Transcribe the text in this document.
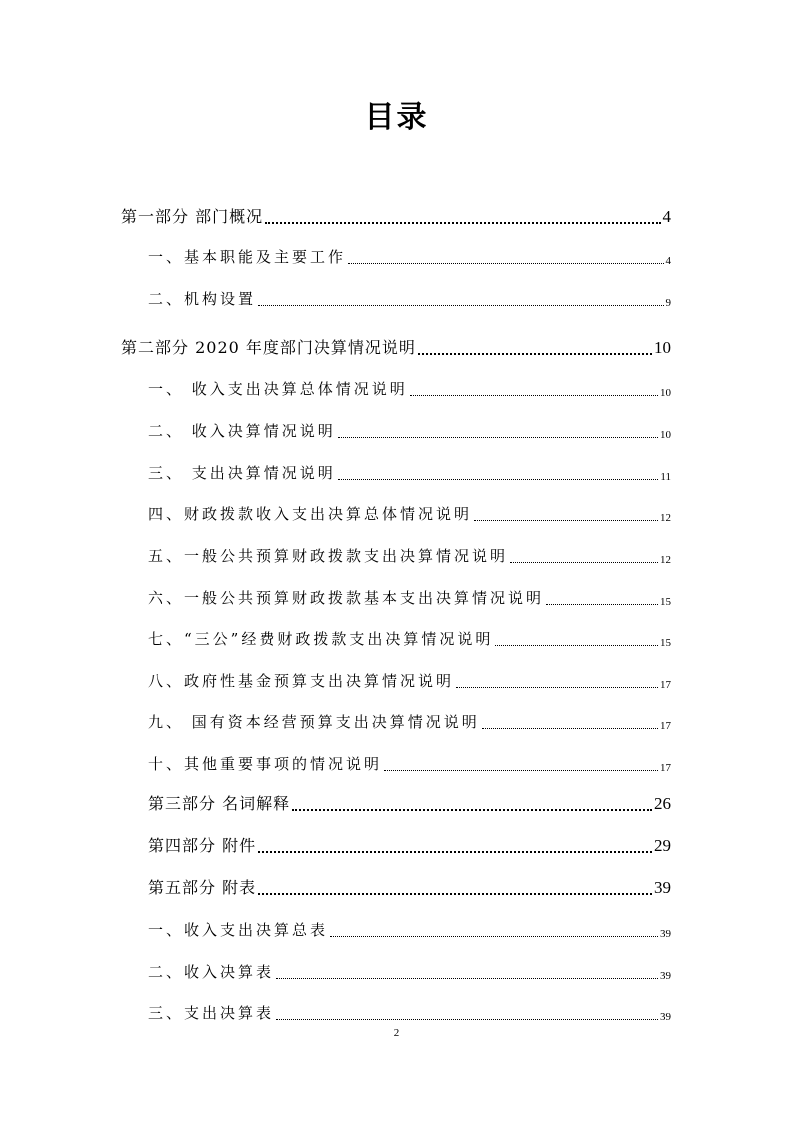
目录
第一部分 部门概况	4
一、基本职能及主要工作	4
二、机构设置	9
第二部分 2020 年度部门决算情况说明	10
一、 收入支出决算总体情况说明	10
二、 收入决算情况说明	10
三、 支出决算情况说明	11
四、财政拨款收入支出决算总体情况说明	12
五、一般公共预算财政拨款支出决算情况说明	12
六、一般公共预算财政拨款基本支出决算情况说明	15
七、“三公”经费财政拨款支出决算情况说明	15
八、政府性基金预算支出决算情况说明	17
九、 国有资本经营预算支出决算情况说明	17
十、其他重要事项的情况说明	17
第三部分 名词解释	26
第四部分 附件	29
第五部分 附表	39
一、收入支出决算总表	39
二、收入决算表	39
三、支出决算表	39
2
